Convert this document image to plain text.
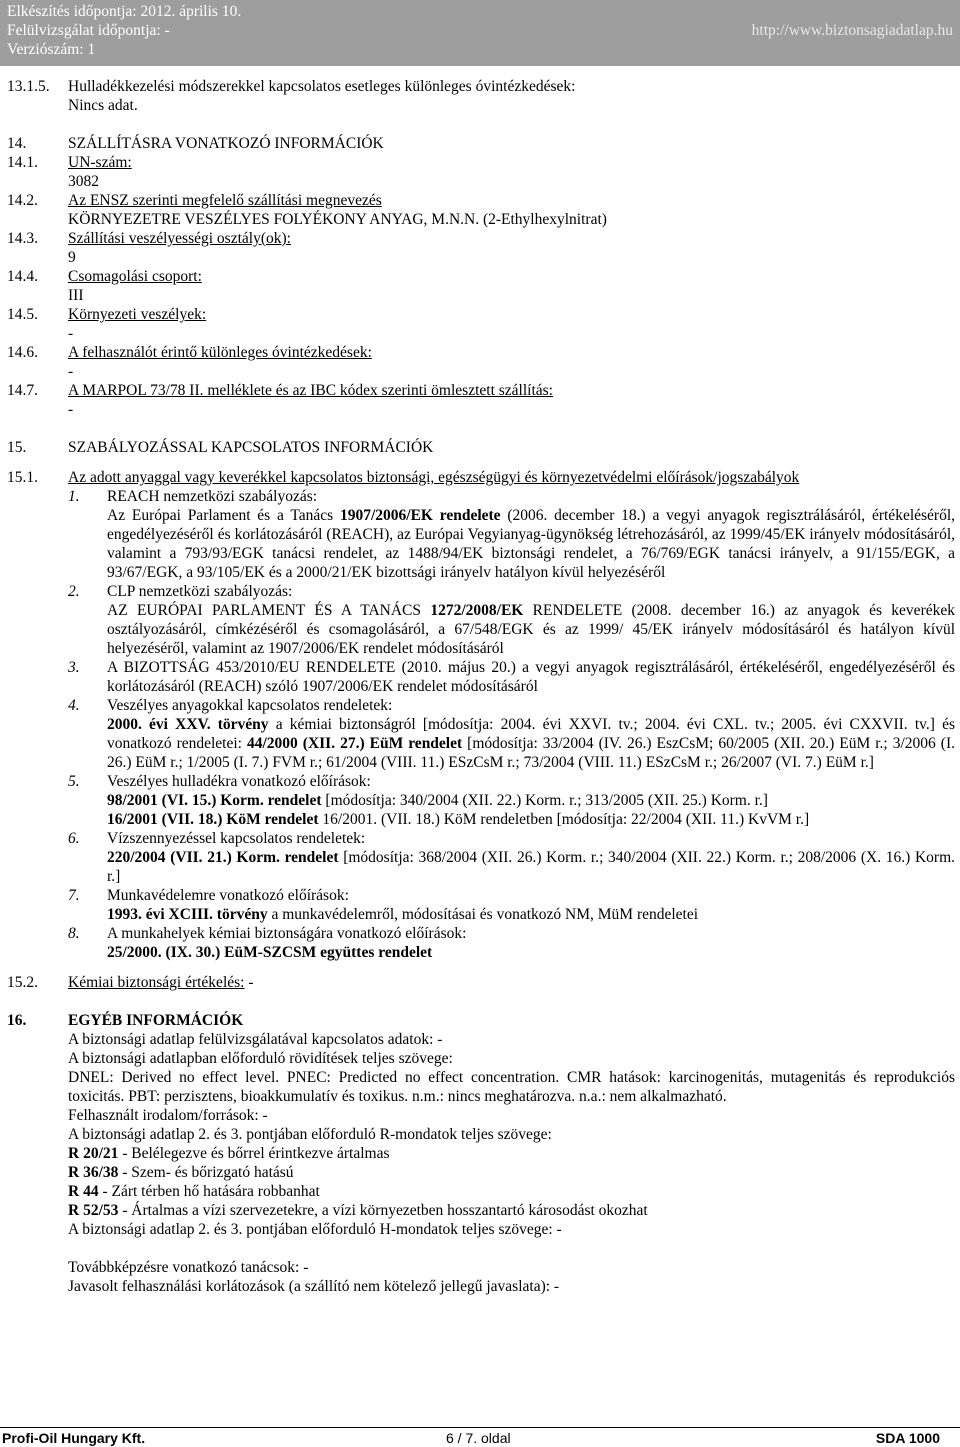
Elkészítés időpontja: 2012. április 10.
Felülvizsgálat időpontja: -
Verziószám: 1
http://www.biztonsagiadatlap.hu
13.1.5.	Hulladékkezelési módszerekkel kapcsolatos esetleges különleges óvintézkedések:
Nincs adat.
14.	SZÁLLÍTÁSRA VONATKOZÓ INFORMÁCIÓK
14.1.	UN-szám:
3082
14.2.	Az ENSZ szerinti megfelelő szállítási megnevezés
KÖRNYEZETRE VESZÉLYES FOLYÉKONY ANYAG, M.N.N. (2-Ethylhexylnitrat)
14.3.	Szállítási veszélyességi osztály(ok):
9
14.4.	Csomagolási csoport:
III
14.5.	Környezeti veszélyek:
-
14.6.	A felhasználót érintő különleges óvintézkedések:
-
14.7.	A MARPOL 73/78 II. melléklete és az IBC kódex szerinti ömlesztett szállítás:
-
15.	SZABÁLYOZÁSSAL KAPCSOLATOS INFORMÁCIÓK
15.1.	Az adott anyaggal vagy keverékkel kapcsolatos biztonsági, egészségügyi és környezetvédelmi előírások/jogszabályok
1.	REACH nemzetközi szabályozás:
Az Európai Parlament és a Tanács 1907/2006/EK rendelete (2006. december 18.) a vegyi anyagok regisztrálásáról, értékeléséről, engedélyezéséről és korlátozásáról (REACH), az Európai Vegyianyag-ügynökség létrehozásáról, az 1999/45/EK irányelv módosításáról, valamint a 793/93/EGK tanácsi rendelet, az 1488/94/EK biztonsági rendelet, a 76/769/EGK tanácsi irányelv, a 91/155/EGK, a 93/67/EGK, a 93/105/EK és a 2000/21/EK bizottsági irányelv hatályon kívül helyezéséről
2.	CLP nemzetközi szabályozás:
AZ EURÓPAI PARLAMENT ÉS A TANÁCS 1272/2008/EK RENDELETE (2008. december 16.) az anyagok és keverékek osztályozásáról, címkézéséről és csomagolásáról, a 67/548/EGK és az 1999/ 45/EK irányelv módosításáról és hatályon kívül helyezéséről, valamint az 1907/2006/EK rendelet módosításáról
3.	A BIZOTTSÁG 453/2010/EU RENDELETE (2010. május 20.) a vegyi anyagok regisztrálásáról, értékeléséről, engedélyezéséről és korlátozásáról (REACH) szóló 1907/2006/EK rendelet módosításáról
4.	Veszélyes anyagokkal kapcsolatos rendeletek:
2000. évi XXV. törvény a kémiai biztonságról [módosítja: 2004. évi XXVI. tv.; 2004. évi CXL. tv.; 2005. évi CXXVII. tv.] és vonatkozó rendeletei: 44/2000 (XII. 27.) EüM rendelet [módosítja: 33/2004 (IV. 26.) EszCsM; 60/2005 (XII. 20.) EüM r.; 3/2006 (I. 26.) EüM r.; 1/2005 (I. 7.) FVM r.; 61/2004 (VIII. 11.) ESzCsM r.; 73/2004 (VIII. 11.) ESzCsM r.; 26/2007 (VI. 7.) EüM r.]
5.	Veszélyes hulladékra vonatkozó előírások:
98/2001 (VI. 15.) Korm. rendelet [módosítja: 340/2004 (XII. 22.) Korm. r.; 313/2005 (XII. 25.) Korm. r.]
16/2001 (VII. 18.) KöM rendelet 16/2001. (VII. 18.) KöM rendeletben [módosítja: 22/2004 (XII. 11.) KvVM r.]
6.	Vízszennyezéssel kapcsolatos rendeletek:
220/2004 (VII. 21.) Korm. rendelet [módosítja: 368/2004 (XII. 26.) Korm. r.; 340/2004 (XII. 22.) Korm. r.; 208/2006 (X. 16.) Korm. r.]
7.	Munkavédelemre vonatkozó előírások:
1993. évi XCIII. törvény a munkavédelemről, módosításai és vonatkozó NM, MüM rendeletei
8.	A munkahelyek kémiai biztonságára vonatkozó előírások:
25/2000. (IX. 30.) EüM-SZCSM együttes rendelet
15.2.	Kémiai biztonsági értékelés: -
16.	EGYÉB INFORMÁCIÓK
A biztonsági adatlap felülvizsgálatával kapcsolatos adatok: -
A biztonsági adatlapban előforduló rövidítések teljes szövege:
DNEL: Derived no effect level. PNEC: Predicted no effect concentration. CMR hatások: karcinogenitás, mutagenitás és reprodukciós toxicitás. PBT: perzisztens, bioakkumulatív és toxikus. n.m.: nincs meghatározva. n.a.: nem alkalmazható.
Felhasznált irodalom/források: -
A biztonsági adatlap 2. és 3. pontjában előforduló R-mondatok teljes szövege:
R 20/21 - Belélegezve és bőrrel érintkezve ártalmas
R 36/38 - Szem- és bőrizgató hatású
R 44 - Zárt térben hő hatására robbanhat
R 52/53 - Ártalmas a vízi szervezetekre, a vízi környezetben hosszantartó károsodást okozhat
A biztonsági adatlap 2. és 3. pontjában előforduló H-mondatok teljes szövege: -
Továbbképzésre vonatkozó tanácsok: -
Javasolt felhasználási korlátozások (a szállító nem kötelező jellegű javaslata): -
Profi-Oil Hungary Kft.	6 / 7. oldal	SDA 1000
